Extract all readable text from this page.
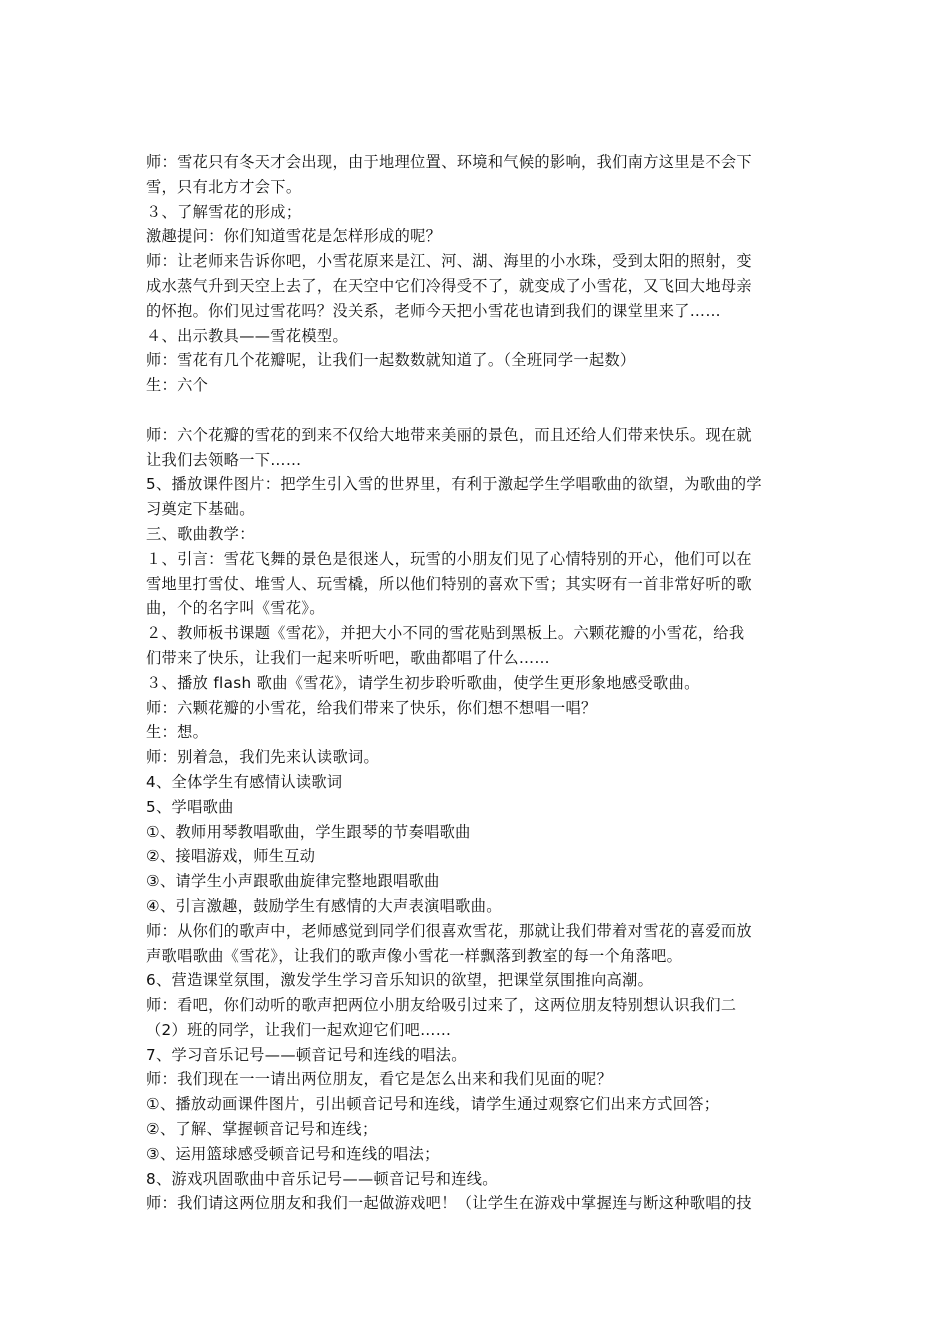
师：雪花只有冬天才会出现，由于地理位置、环境和气候的影响，我们南方这里是不会下
雪，只有北方才会下。
３、了解雪花的形成；
激趣提问：你们知道雪花是怎样形成的呢？
师：让老师来告诉你吧，小雪花原来是江、河、湖、海里的小水珠，受到太阳的照射，变
成水蒸气升到天空上去了，在天空中它们冷得受不了，就变成了小雪花，又飞回大地母亲
的怀抱。你们见过雪花吗？没关系，老师今天把小雪花也请到我们的课堂里来了……
４、出示教具——雪花模型。
师：雪花有几个花瓣呢，让我们一起数数就知道了。（全班同学一起数）
生：六个
师：六个花瓣的雪花的到来不仅给大地带来美丽的景色，而且还给人们带来快乐。现在就
让我们去领略一下……
5、播放课件图片：把学生引入雪的世界里，有利于激起学生学唱歌曲的欲望，为歌曲的学
习奠定下基础。
三、歌曲教学：
１、引言：雪花飞舞的景色是很迷人，玩雪的小朋友们见了心情特别的开心，他们可以在
雪地里打雪仗、堆雪人、玩雪橇，所以他们特别的喜欢下雪；其实呀有一首非常好听的歌
曲，个的名字叫《雪花》。
２、教师板书课题《雪花》，并把大小不同的雪花贴到黑板上。六颗花瓣的小雪花，给我
们带来了快乐，让我们一起来听听吧，歌曲都唱了什么……
３、播放 flash 歌曲《雪花》，请学生初步聆听歌曲，使学生更形象地感受歌曲。
师：六颗花瓣的小雪花，给我们带来了快乐，你们想不想唱一唱？
生：想。
师：别着急，我们先来认读歌词。
4、全体学生有感情认读歌词
5、学唱歌曲
①、教师用琴教唱歌曲，学生跟琴的节奏唱歌曲
②、接唱游戏，师生互动
③、请学生小声跟歌曲旋律完整地跟唱歌曲
④、引言激趣，鼓励学生有感情的大声表演唱歌曲。
师：从你们的歌声中，老师感觉到同学们很喜欢雪花，那就让我们带着对雪花的喜爱而放
声歌唱歌曲《雪花》，让我们的歌声像小雪花一样飘落到教室的每一个角落吧。
6、营造课堂氛围，激发学生学习音乐知识的欲望，把课堂氛围推向高潮。
师：看吧，你们动听的歌声把两位小朋友给吸引过来了，这两位朋友特别想认识我们二
（2）班的同学，让我们一起欢迎它们吧……
7、学习音乐记号——顿音记号和连线的唱法。
师：我们现在一一请出两位朋友，看它是怎么出来和我们见面的呢？
①、播放动画课件图片，引出顿音记号和连线，请学生通过观察它们出来方式回答；
②、了解、掌握顿音记号和连线；
③、运用篮球感受顿音记号和连线的唱法；
8、游戏巩固歌曲中音乐记号——顿音记号和连线。
师：我们请这两位朋友和我们一起做游戏吧！（让学生在游戏中掌握连与断这种歌唱的技
